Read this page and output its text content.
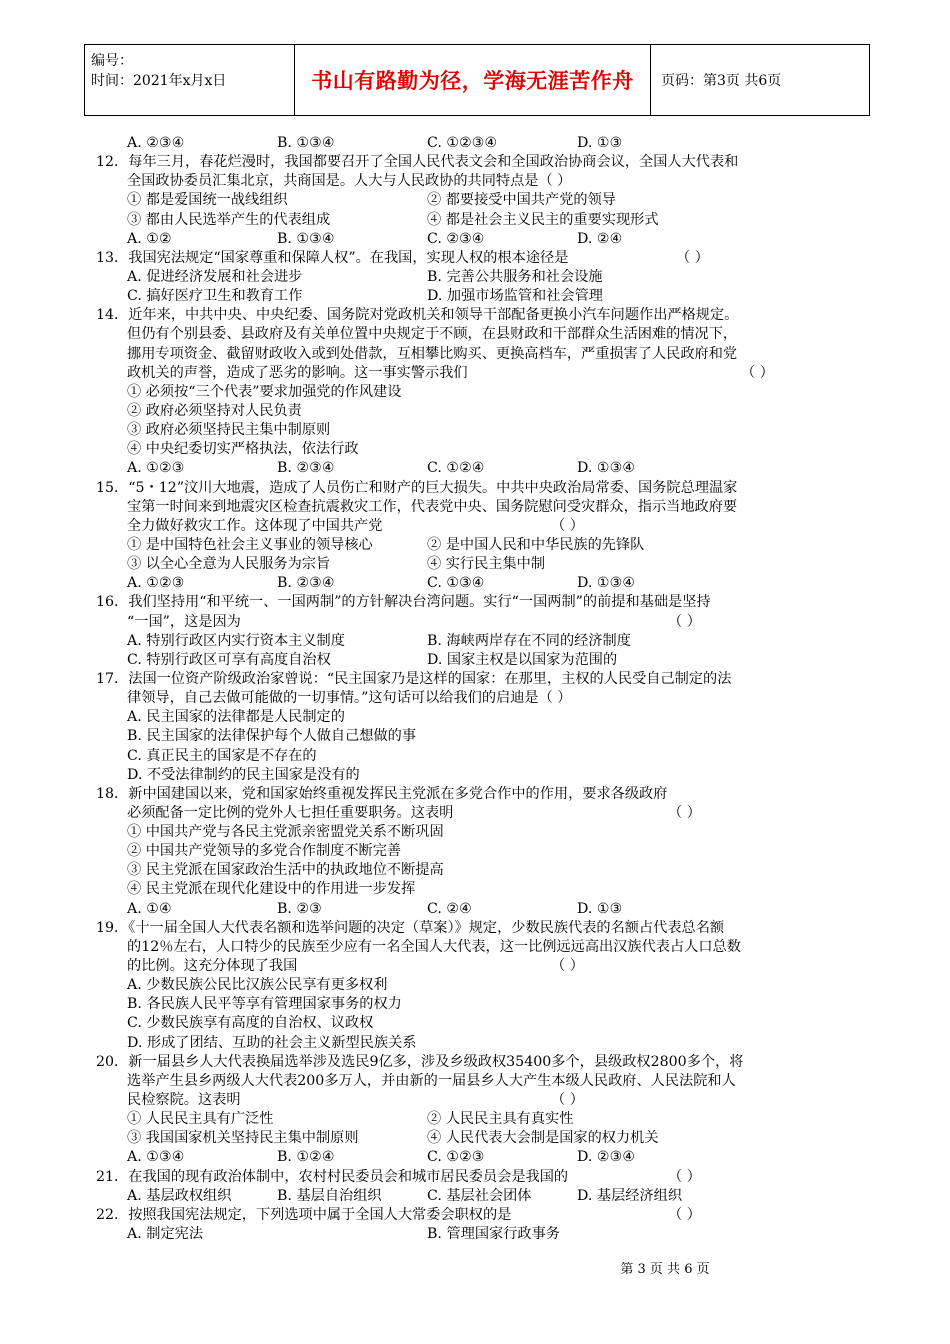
编号：
时间：2021年x月x日	书山有路勤为径，学海无涯苦作舟	页码：第3页 共6页
A. ②③④	B. ①③④	C. ①②③④	D. ①③
12．每年三月，春花烂漫时，我国都要召开了全国人民代表文会和全国政治协商会议，全国人大代表和
全国政协委员汇集北京，共商国是。人大与人民政协的共同特点是（ ）
① 都是爱国统一战线组织	② 都要接受中国共产党的领导
③ 都由人民选举产生的代表组成	④ 都是社会主义民主的重要实现形式
A. ①②	B. ①③④	C. ②③④	D. ②④
13．我国宪法规定“国家尊重和保障人权”。在我国，实现人权的根本途径是	（ ）
A. 促进经济发展和社会进步	B. 完善公共服务和社会设施
C. 搞好医疗卫生和教育工作	D. 加强市场监管和社会管理
14．近年来，中共中央、中央纪委、国务院对党政机关和领导干部配备更换小汽车问题作出严格规定。
但仍有个别县委、县政府及有关单位置中央规定于不顾，在县财政和干部群众生活困难的情况下，
挪用专项资金、截留财政收入或到处借款，互相攀比购买、更换高档车，严重损害了人民政府和党
政机关的声誉，造成了恶劣的影响。这一事实警示我们	（ ）
① 必须按“三个代表”要求加强党的作风建设
② 政府必须坚持对人民负责
③ 政府必须坚持民主集中制原则
④ 中央纪委切实严格执法，依法行政
A. ①②③	B. ②③④	C. ①②④	D. ①③④
15．“5・12”汶川大地震，造成了人员伤亡和财产的巨大损失。中共中央政治局常委、国务院总理温家
宝第一时间来到地震灾区检查抗震救灾工作，代表党中央、国务院慰问受灾群众，指示当地政府要
全力做好救灾工作。这体现了中国共产党	（ ）
① 是中国特色社会主义事业的领导核心	② 是中国人民和中华民族的先锋队
③ 以全心全意为人民服务为宗旨	④ 实行民主集中制
A. ①②③	B. ②③④	C. ①③④	D. ①③④
16．我们坚持用“和平统一、一国两制”的方针解决台湾问题。实行“一国两制”的前提和基础是坚持
“一国”，这是因为	（ ）
A. 特别行政区内实行资本主义制度	B. 海峡两岸存在不同的经济制度
C. 特别行政区可享有高度自治权	D. 国家主权是以国家为范围的
17．法国一位资产阶级政治家曾说：“民主国家乃是这样的国家：在那里，主权的人民受自己制定的法
律领导，自己去做可能做的一切事情。”这句话可以给我们的启迪是（ ）
A. 民主国家的法律都是人民制定的
B. 民主国家的法律保护每个人做自己想做的事
C. 真正民主的国家是不存在的
D. 不受法律制约的民主国家是没有的
18．新中国建国以来，党和国家始终重视发挥民主党派在多党合作中的作用，要求各级政府
必须配备一定比例的党外人七担任重要职务。这表明	（ ）
① 中国共产党与各民主党派亲密盟党关系不断巩固
② 中国共产党领导的多党合作制度不断完善
③ 民主党派在国家政治生活中的执政地位不断提高
④ 民主党派在现代化建设中的作用进一步发挥
A. ①④	B. ②③	C. ②④	D. ①③
19．《十一届全国人大代表名额和选举问题的决定（草案）》规定，少数民族代表的名额占代表总名额
的12％左右，人口特少的民族至少应有一名全国人大代表，这一比例远远高出汉族代表占人口总数
的比例。这充分体现了我国	（ ）
A. 少数民族公民比汉族公民享有更多权利
B. 各民族人民平等享有管理国家事务的权力
C. 少数民族享有高度的自治权、议政权
D. 形成了团结、互助的社会主义新型民族关系
20．新一届县乡人大代表换届选举涉及选民9亿多，涉及乡级政权35400多个，县级政权2800多个，将
选举产生县乡两级人大代表200多万人，并由新的一届县乡人大产生本级人民政府、人民法院和人
民检察院。这表明	（ ）
① 人民民主具有广泛性	② 人民民主具有真实性
③ 我国国家机关坚持民主集中制原则	④ 人民代表大会制是国家的权力机关
A. ①③④	B. ①②④	C. ①②③	D. ②③④
21．在我国的现有政治体制中，农村村民委员会和城市居民委员会是我国的	（ ）
A. 基层政权组织	B. 基层自治组织	C. 基层社会团体	D. 基层经济组织
22．按照我国宪法规定，下列选项中属于全国人大常委会职权的是	（ ）
A. 制定宪法	B. 管理国家行政事务
第 3 页 共 6 页
